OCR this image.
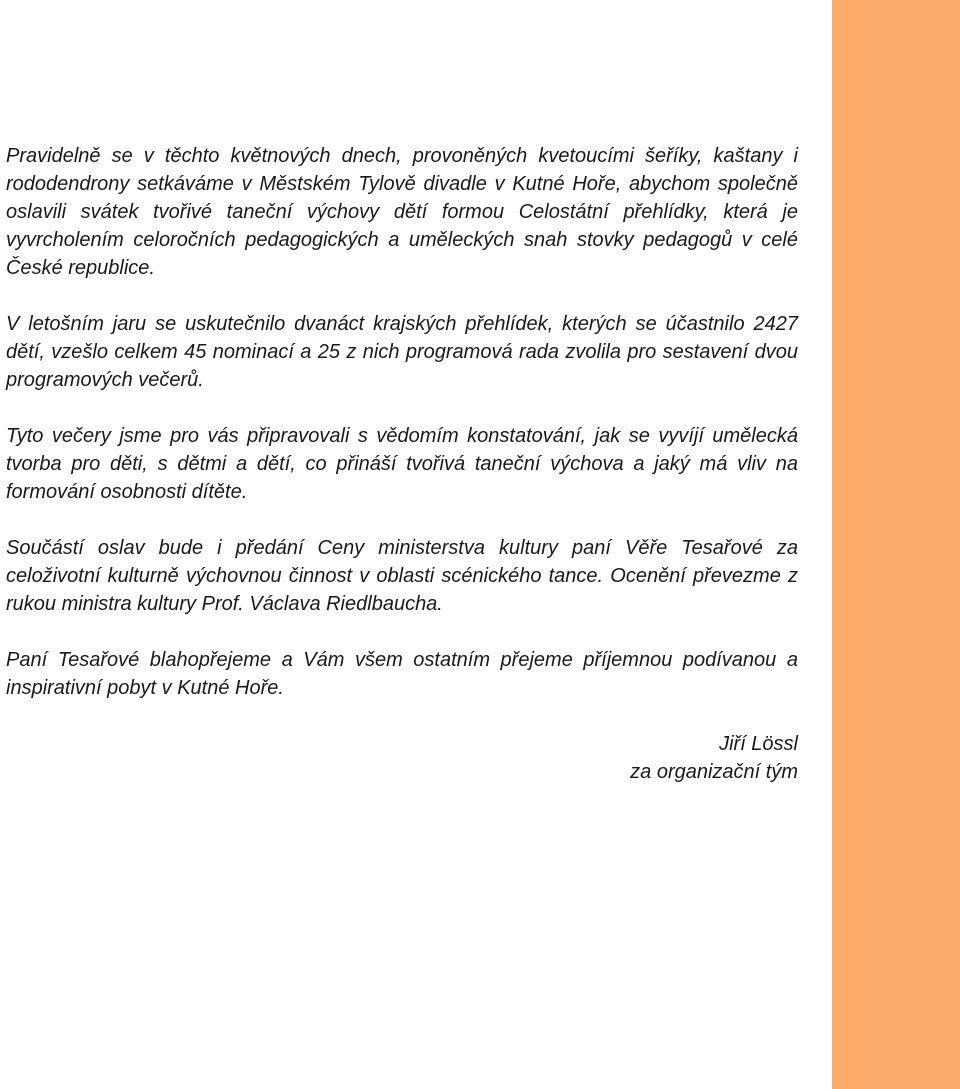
Pravidelně se v těchto květnových dnech, provoněných kvetoucími šeříky, kaštany i rododendrony setkáváme v Městském Tylově divadle v Kutné Hoře, abychom společně oslavili svátek tvořivé taneční výchovy dětí formou Celostátní přehlídky, která je vyvrcholením celoročních pedagogických a uměleckých snah stovky pedagogů v celé České republice.

V letošním jaru se uskutečnilo dvanáct krajských přehlídek, kterých se účastnilo 2427 dětí, vzešlo celkem 45 nominací a 25 z nich programová rada zvolila pro sestavení dvou programových večerů.

Tyto večery jsme pro vás připravovali s vědomím konstatování, jak se vyvíjí umělecká tvorba pro děti, s dětmi a dětí, co přináší tvořivá taneční výchova a jaký má vliv na formování osobnosti dítěte.

Součástí oslav bude i předání Ceny ministerstva kultury paní Věře Tesařové za celoživotní kulturně výchovnou činnost v oblasti scénického tance. Ocenění převezme z rukou ministra kultury Prof. Václava Riedlbaucha.

Paní Tesařové blahopřejeme a Vám všem ostatním přejeme příjemnou podívanou a inspirativní pobyt v Kutné Hoře.

Jiří Lössl
za organizační tým
